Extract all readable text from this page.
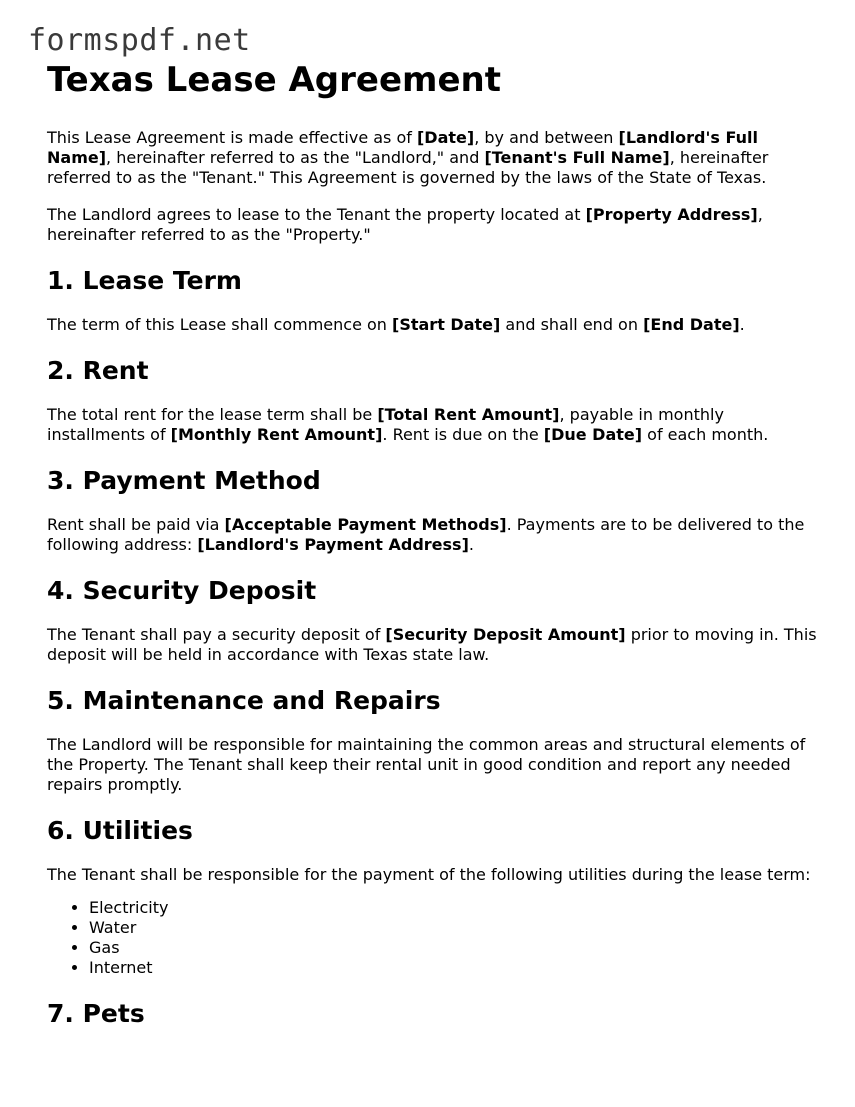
formspdf.net
Texas Lease Agreement

This Lease Agreement is made effective as of [Date], by and between [Landlord's Full Name], hereinafter referred to as the "Landlord," and [Tenant's Full Name], hereinafter referred to as the "Tenant." This Agreement is governed by the laws of the State of Texas.

The Landlord agrees to lease to the Tenant the property located at [Property Address], hereinafter referred to as the "Property."

1. Lease Term

The term of this Lease shall commence on [Start Date] and shall end on [End Date].

2. Rent

The total rent for the lease term shall be [Total Rent Amount], payable in monthly installments of [Monthly Rent Amount]. Rent is due on the [Due Date] of each month.

3. Payment Method

Rent shall be paid via [Acceptable Payment Methods]. Payments are to be delivered to the following address: [Landlord's Payment Address].

4. Security Deposit

The Tenant shall pay a security deposit of [Security Deposit Amount] prior to moving in. This deposit will be held in accordance with Texas state law.

5. Maintenance and Repairs

The Landlord will be responsible for maintaining the common areas and structural elements of the Property. The Tenant shall keep their rental unit in good condition and report any needed repairs promptly.

6. Utilities

The Tenant shall be responsible for the payment of the following utilities during the lease term:

• Electricity
• Water
• Gas
• Internet
7. Pets
